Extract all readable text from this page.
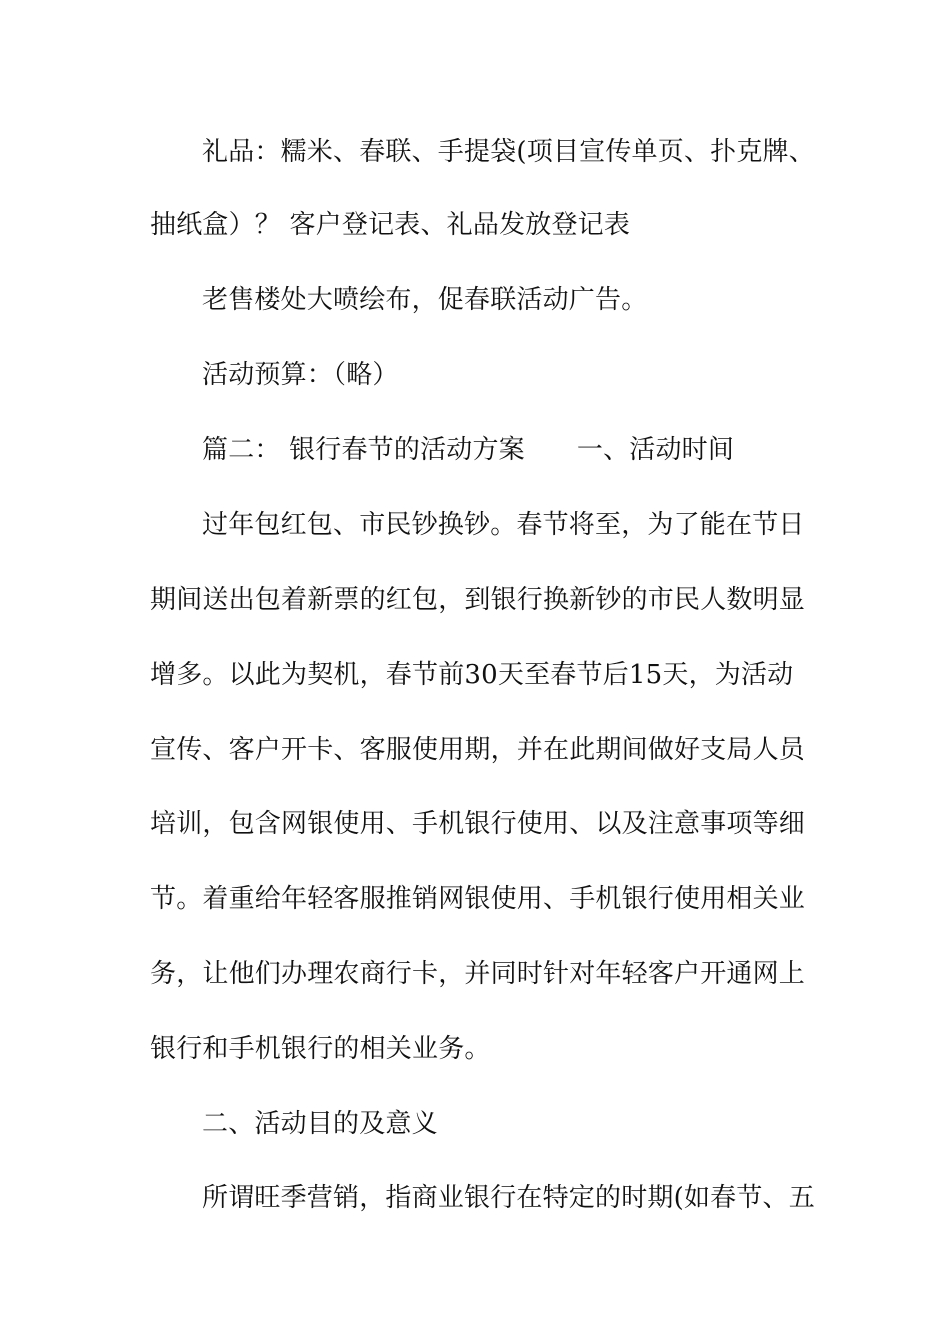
礼品：糯米、春联、手提袋(项目宣传单页、扑克牌、
抽纸盒）？ 客户登记表、礼品发放登记表
老售楼处大喷绘布，促春联活动广告。
活动预算：（略）
篇二： 银行春节的活动方案 一、活动时间
过年包红包、市民钞换钞。春节将至，为了能在节日
期间送出包着新票的红包，到银行换新钞的市民人数明显
增多。以此为契机，春节前30天至春节后15天，为活动
宣传、客户开卡、客服使用期，并在此期间做好支局人员
培训，包含网银使用、手机银行使用、以及注意事项等细
节。着重给年轻客服推销网银使用、手机银行使用相关业
务，让他们办理农商行卡，并同时针对年轻客户开通网上
银行和手机银行的相关业务。
二、活动目的及意义
所谓旺季营销，指商业银行在特定的时期(如春节、五
